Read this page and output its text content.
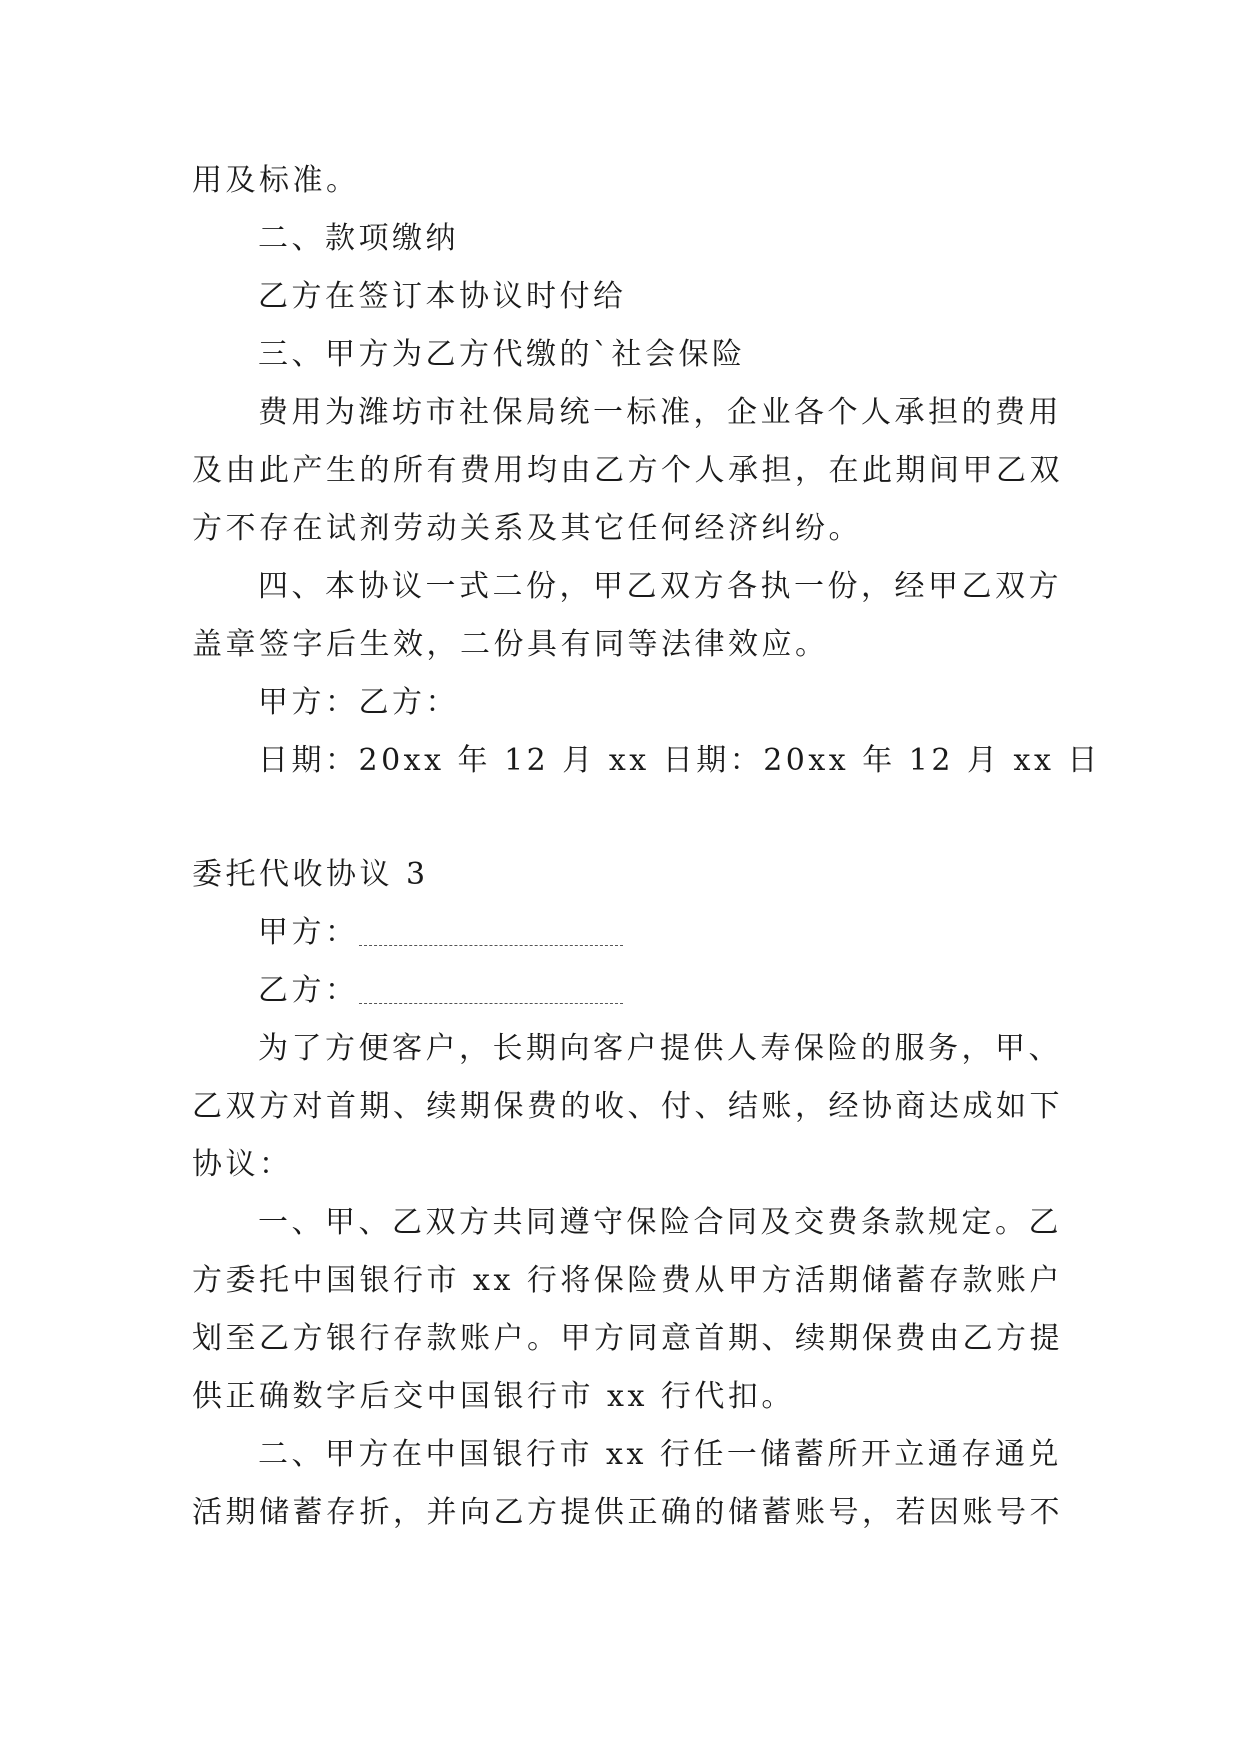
用及标准。
二、款项缴纳
乙方在签订本协议时付给
三、甲方为乙方代缴的`社会保险
费用为潍坊市社保局统一标准，企业各个人承担的费用
及由此产生的所有费用均由乙方个人承担，在此期间甲乙双
方不存在试剂劳动关系及其它任何经济纠纷。
四、本协议一式二份，甲乙双方各执一份，经甲乙双方
盖章签字后生效，二份具有同等法律效应。
甲方：乙方：
日期：20xx 年 12 月 xx 日期：20xx 年 12 月 xx 日
委托代收协议 3
甲方：
乙方：
为了方便客户，长期向客户提供人寿保险的服务，甲、
乙双方对首期、续期保费的收、付、结账，经协商达成如下
协议：
一、甲、乙双方共同遵守保险合同及交费条款规定。乙
方委托中国银行市 xx 行将保险费从甲方活期储蓄存款账户
划至乙方银行存款账户。甲方同意首期、续期保费由乙方提
供正确数字后交中国银行市 xx 行代扣。
二、甲方在中国银行市 xx 行任一储蓄所开立通存通兑
活期储蓄存折，并向乙方提供正确的储蓄账号，若因账号不
